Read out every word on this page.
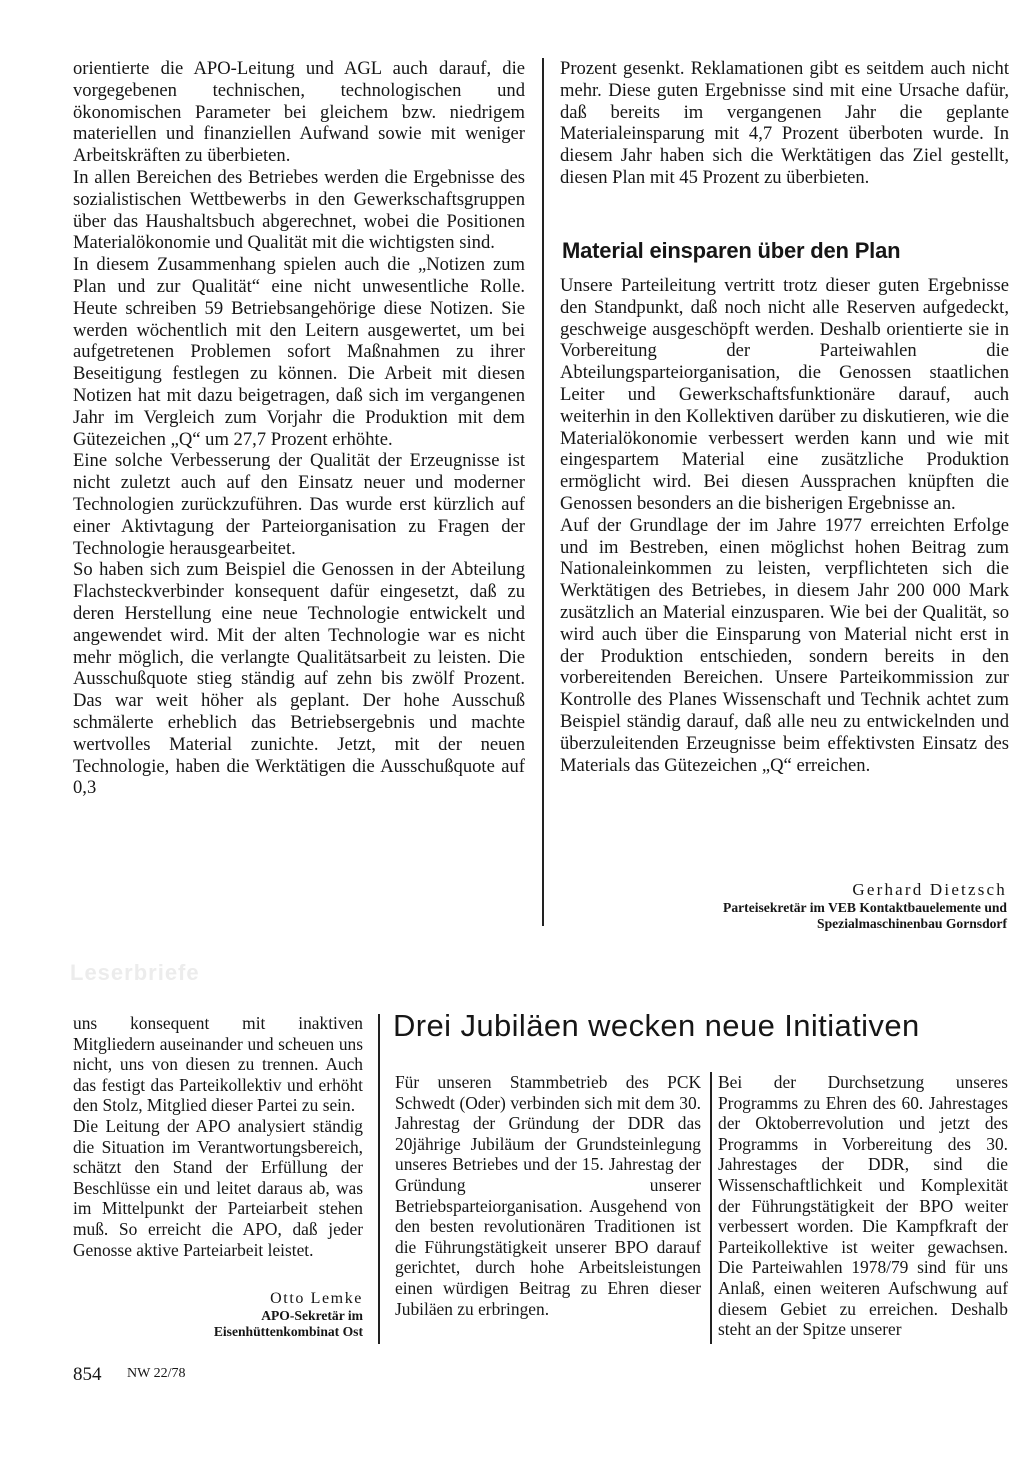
orientierte die APO-Leitung und AGL auch darauf, die vorgegebenen technischen, technologischen und ökonomischen Parameter bei gleichem bzw. niedrigem materiellen und finanziellen Aufwand sowie mit weniger Arbeitskräften zu überbieten.

In allen Bereichen des Betriebes werden die Ergebnisse des sozialistischen Wettbewerbs in den Gewerkschaftsgruppen über das Haushaltsbuch abgerechnet, wobei die Positionen Materialökonomie und Qualität mit die wichtigsten sind.

In diesem Zusammenhang spielen auch die „Notizen zum Plan und zur Qualität“ eine nicht unwesentliche Rolle. Heute schreiben 59 Betriebsangehörige diese Notizen. Sie werden wöchentlich mit den Leitern ausgewertet, um bei aufgetretenen Problemen sofort Maßnahmen zu ihrer Beseitigung festlegen zu können. Die Arbeit mit diesen Notizen hat mit dazu beigetragen, daß sich im vergangenen Jahr im Vergleich zum Vorjahr die Produktion mit dem Gütezeichen „Q“ um 27,7 Prozent erhöhte.

Eine solche Verbesserung der Qualität der Erzeugnisse ist nicht zuletzt auch auf den Einsatz neuer und moderner Technologien zurückzuführen. Das wurde erst kürzlich auf einer Aktivtagung der Parteiorganisation zu Fragen der Technologie herausgearbeitet.

So haben sich zum Beispiel die Genossen in der Abteilung Flachsteckverbinder konsequent dafür eingesetzt, daß zu deren Herstellung eine neue Technologie entwickelt und angewendet wird. Mit der alten Technologie war es nicht mehr möglich, die verlangte Qualitätsarbeit zu leisten. Die Ausschußquote stieg ständig auf zehn bis zwölf Prozent. Das war weit höher als geplant. Der hohe Ausschuß schmälerte erheblich das Betriebsergebnis und machte wertvolles Material zunichte. Jetzt, mit der neuen Technologie, haben die Werktätigen die Ausschußquote auf 0,3

Prozent gesenkt. Reklamationen gibt es seitdem auch nicht mehr. Diese guten Ergebnisse sind mit eine Ursache dafür, daß bereits im vergangenen Jahr die geplante Materialeinsparung mit 4,7 Prozent überboten wurde. In diesem Jahr haben sich die Werktätigen das Ziel gestellt, diesen Plan mit 45 Prozent zu überbieten.

Material einsparen über den Plan

Unsere Parteileitung vertritt trotz dieser guten Ergebnisse den Standpunkt, daß noch nicht alle Reserven aufgedeckt, geschweige ausgeschöpft werden. Deshalb orientierte sie in Vorbereitung der Parteiwahlen die Abteilungsparteiorganisation, die Genossen staatlichen Leiter und Gewerkschaftsfunktionäre darauf, auch weiterhin in den Kollektiven darüber zu diskutieren, wie die Materialökonomie verbessert werden kann und wie mit eingespartem Material eine zusätzliche Produktion ermöglicht wird. Bei diesen Aussprachen knüpften die Genossen besonders an die bisherigen Ergebnisse an.

Auf der Grundlage der im Jahre 1977 erreichten Erfolge und im Bestreben, einen möglichst hohen Beitrag zum Nationaleinkommen zu leisten, verpflichteten sich die Werktätigen des Betriebes, in diesem Jahr 200 000 Mark zusätzlich an Material einzusparen. Wie bei der Qualität, so wird auch über die Einsparung von Material nicht erst in der Produktion entschieden, sondern bereits in den vorbereitenden Bereichen. Unsere Parteikommission zur Kontrolle des Planes Wissenschaft und Technik achtet zum Beispiel ständig darauf, daß alle neu zu entwickelnden und überzuleitenden Erzeugnisse beim effektivsten Einsatz des Materials das Gütezeichen „Q“ erreichen.

Gerhard Dietzsch
Parteisekretär im VEB Kontaktbauelemente und
Spezialmaschinenbau Gornsdorf
Leserbriefe

uns konsequent mit inaktiven Mitgliedern auseinander und scheuen uns nicht, uns von diesen zu trennen. Auch das festigt das Parteikollektiv und erhöht den Stolz, Mitglied dieser Partei zu sein.

Die Leitung der APO analysiert ständig die Situation im Verantwortungsbereich, schätzt den Stand der Erfüllung der Beschlüsse ein und leitet daraus ab, was im Mittelpunkt der Parteiarbeit stehen muß. So erreicht die APO, daß jeder Genosse aktive Parteiarbeit leistet.

Otto Lemke
APO-Sekretär im
Eisenhüttenkombinat Ost
Drei Jubiläen wecken neue Initiativen

Für unseren Stammbetrieb des PCK Schwedt (Oder) verbinden sich mit dem 30. Jahrestag der Gründung der DDR das 20jährige Jubiläum der Grundsteinlegung unseres Betriebes und der 15. Jahrestag der Gründung unserer Betriebsparteiorganisation. Ausgehend von den besten revolutionären Traditionen ist die Führungstätigkeit unserer BPO darauf gerichtet, durch hohe Arbeitsleistungen einen würdigen Beitrag zu Ehren dieser Jubiläen zu erbringen.

Bei der Durchsetzung unseres Programms zu Ehren des 60. Jahrestages der Oktoberrevolution und jetzt des Programms in Vorbereitung des 30. Jahrestages der DDR, sind die Wissenschaftlichkeit und Komplexität der Führungstätigkeit der BPO weiter verbessert worden. Die Kampfkraft der Parteikollektive ist weiter gewachsen. Die Parteiwahlen 1978/79 sind für uns Anlaß, einen weiteren Aufschwung auf diesem Gebiet zu erreichen. Deshalb steht an der Spitze unserer

854 NW 22/78
